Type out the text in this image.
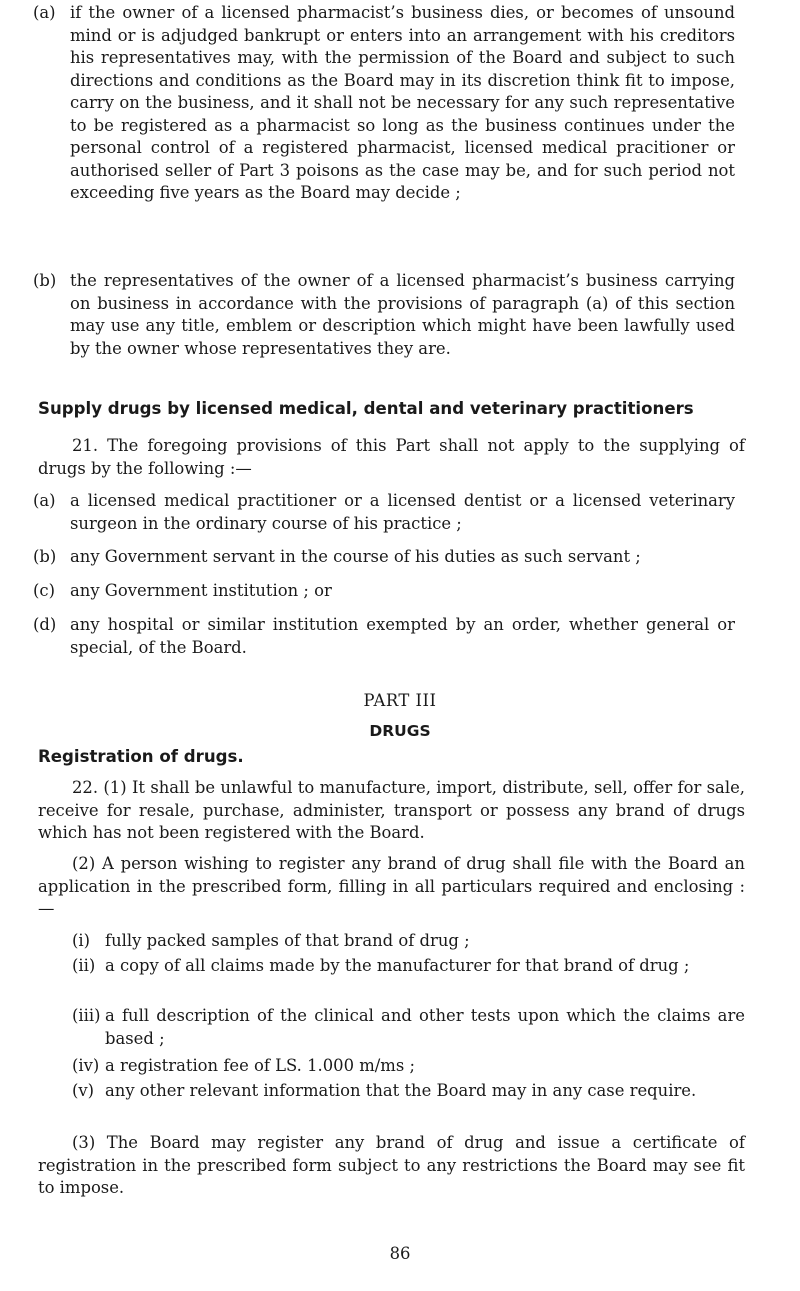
(a) if the owner of a licensed pharmacist’s business dies, or becomes of unsound mind or is adjudged bankrupt or enters into an arrangement with his creditors his representatives may, with the permission of the Board and subject to such directions and conditions as the Board may in its discretion think fit to impose, carry on the business, and it shall not be necessary for any such representative to be registered as a pharmacist so long as the business continues under the personal control of a registered pharmacist, licensed medical pracitioner or authorised seller of Part 3 poisons as the case may be, and for such period not exceeding five years as the Board may decide ;

(b) the representatives of the owner of a licensed pharmacist’s business carrying on business in accordance with the provisions of paragraph (a) of this section may use any title, emblem or description which might have been lawfully used by the owner whose representatives they are.

Supply drugs by licensed medical, dental and veterinary practitioners

21. The foregoing provisions of this Part shall not apply to the supplying of drugs by the following :—

(a) a licensed medical practitioner or a licensed dentist or a licensed veterinary surgeon in the ordinary course of his practice ;

(b) any Government servant in the course of his duties as such servant ;

(c) any Government institution ; or

(d) any hospital or similar institution exempted by an order, whether general or special, of the Board.

PART III
DRUGS
Registration of drugs.

22. (1) It shall be unlawful to manufacture, import, distribute, sell, offer for sale, receive for resale, purchase, administer, transport or possess any brand of drugs which has not been registered with the Board.

(2) A person wishing to register any brand of drug shall file with the Board an application in the prescribed form, filling in all particulars required and enclosing :—

(i) fully packed samples of that brand of drug ;

(ii) a copy of all claims made by the manufacturer for that brand of drug ;

(iii) a full description of the clinical and other tests upon which the claims are based ;

(iv) a registration fee of LS. 1.000 m/ms ;

(v) any other relevant information that the Board may in any case require.

(3) The Board may register any brand of drug and issue a certificate of registration in the prescribed form subject to any restrictions the Board may see fit to impose.

86
